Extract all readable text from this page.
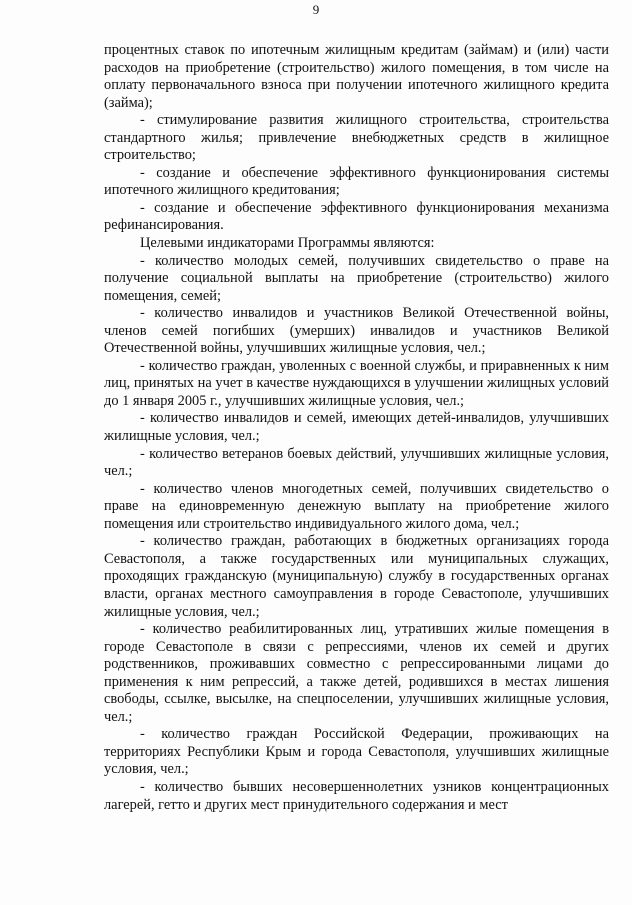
9

процентных ставок по ипотечным жилищным кредитам (займам) и (или) части расходов на приобретение (строительство) жилого помещения, в том числе на оплату первоначального взноса при получении ипотечного жилищного кредита (займа);

- стимулирование развития жилищного строительства, строительства стандартного жилья; привлечение внебюджетных средств в жилищное строительство;

- создание и обеспечение эффективного функционирования системы ипотечного жилищного кредитования;

- создание и обеспечение эффективного функционирования механизма рефинансирования.

Целевыми индикаторами Программы являются:

- количество молодых семей, получивших свидетельство о праве на получение социальной выплаты на приобретение (строительство) жилого помещения, семей;

- количество инвалидов и участников Великой Отечественной войны, членов семей погибших (умерших) инвалидов и участников Великой Отечественной войны, улучшивших жилищные условия, чел.;

- количество граждан, уволенных с военной службы, и приравненных к ним лиц, принятых на учет в качестве нуждающихся в улучшении жилищных условий до 1 января 2005 г., улучшивших жилищные условия, чел.;

- количество инвалидов и семей, имеющих детей-инвалидов, улучшивших жилищные условия, чел.;

- количество ветеранов боевых действий, улучшивших жилищные условия, чел.;

- количество членов многодетных семей, получивших свидетельство о праве на единовременную денежную выплату на приобретение жилого помещения или строительство индивидуального жилого дома, чел.;

- количество граждан, работающих в бюджетных организациях города Севастополя, а также государственных или муниципальных служащих, проходящих гражданскую (муниципальную) службу в государственных органах власти, органах местного самоуправления в городе Севастополе, улучшивших жилищные условия, чел.;

- количество реабилитированных лиц, утративших жилые помещения в городе Севастополе в связи с репрессиями, членов их семей и других родственников, проживавших совместно с репрессированными лицами до применения к ним репрессий, а также детей, родившихся в местах лишения свободы, ссылке, высылке, на спецпоселении, улучшивших жилищные условия, чел.;

- количество граждан Российской Федерации, проживающих на территориях Республики Крым и города Севастополя, улучшивших жилищные условия, чел.;

- количество бывших несовершеннолетних узников концентрационных лагерей, гетто и других мест принудительного содержания и мест
